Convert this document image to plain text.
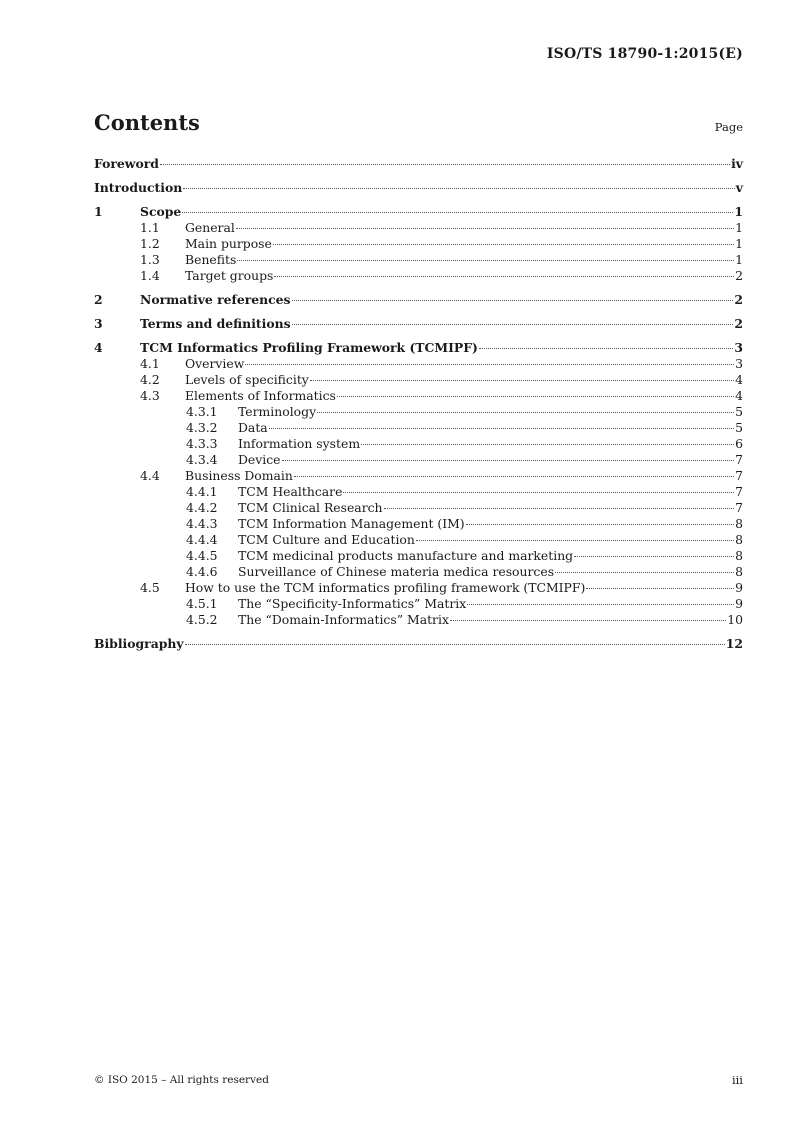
ISO/TS 18790-1:2015(E)
Contents	Page
Foreword	iv
Introduction	v
1	Scope	1
1.1	General	1
1.2	Main purpose	1
1.3	Benefits	1
1.4	Target groups	2
2	Normative references	2
3	Terms and definitions	2
4	TCM Informatics Profiling Framework (TCMIPF)	3
4.1	Overview	3
4.2	Levels of specificity	4
4.3	Elements of Informatics	4
4.3.1	Terminology	5
4.3.2	Data	5
4.3.3	Information system	6
4.3.4	Device	7
4.4	Business Domain	7
4.4.1	TCM Healthcare	7
4.4.2	TCM Clinical Research	7
4.4.3	TCM Information Management (IM)	8
4.4.4	TCM Culture and Education	8
4.4.5	TCM medicinal products manufacture and marketing	8
4.4.6	Surveillance of Chinese materia medica resources	8
4.5	How to use the TCM informatics profiling framework (TCMIPF)	9
4.5.1	The “Specificity-Informatics” Matrix	9
4.5.2	The “Domain-Informatics” Matrix	10
Bibliography	12
© ISO 2015 – All rights reserved	iii
